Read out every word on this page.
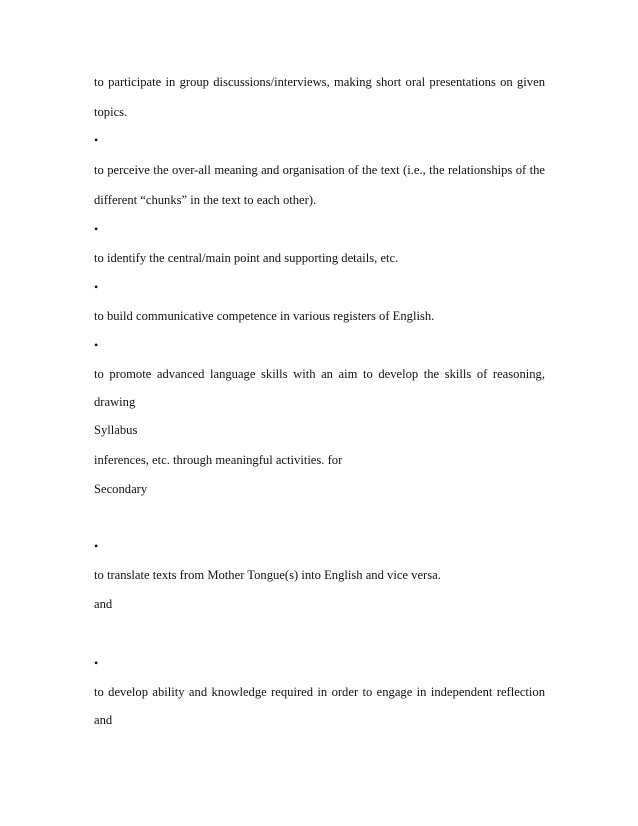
to participate in group discussions/interviews, making short oral presentations on given

topics.

•

to perceive the over-all meaning and organisation of the text (i.e., the relationships of the

different “chunks” in the text to each other).

•

to identify the central/main point and supporting details, etc.

•

to build communicative competence in various registers of English.

•

to promote advanced language skills with an aim to develop the skills of reasoning,

drawing

Syllabus

inferences, etc. through meaningful activities. for

Secondary

•

to translate texts from Mother Tongue(s) into English and vice versa.

and

•

to develop ability and knowledge required in order to engage in independent reflection

and
